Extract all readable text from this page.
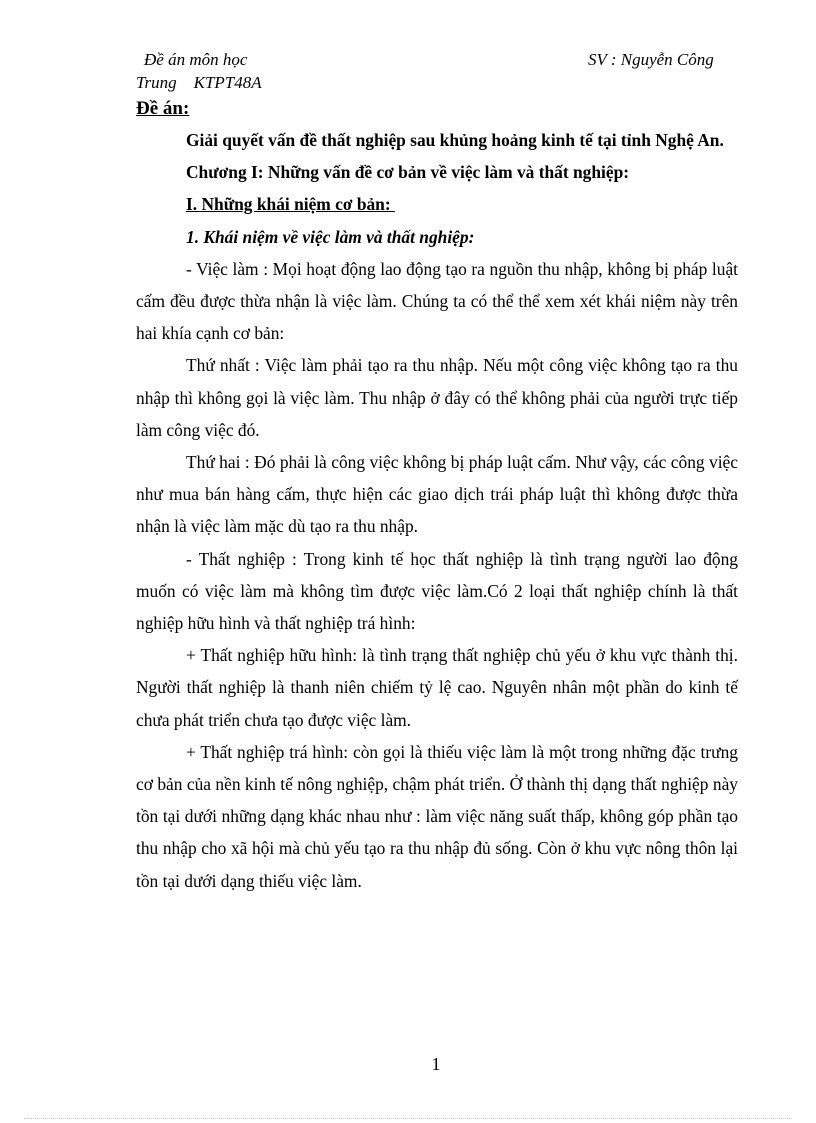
Đề án môn học
Trung    KTPT48A
SV : Nguyễn Công

Đề án:

Giải quyết vấn đề thất nghiệp sau khủng hoảng kinh tế tại tỉnh Nghệ An.

Chương I: Những vấn đề cơ bản về việc làm và thất nghiệp:

I. Những khái niệm cơ bản:

1. Khái niệm về việc làm và thất nghiệp:

- Việc làm : Mọi hoạt động lao động tạo ra nguồn thu nhập, không bị pháp luật cấm đều được thừa nhận là việc làm. Chúng ta có thể thể xem xét khái niệm này trên hai khía cạnh cơ bản:

Thứ nhất : Việc làm phải tạo ra thu nhập. Nếu một công việc không tạo ra thu nhập thì không gọi là việc làm. Thu nhập ở đây có thể không phải của người trực tiếp làm công việc đó.

Thứ hai : Đó phải là công việc không bị pháp luật cấm. Như vậy, các công việc như mua bán hàng cấm, thực hiện các giao dịch trái pháp luật thì không được thừa nhận là việc làm mặc dù tạo ra thu nhập.

- Thất nghiệp : Trong kinh tế học thất nghiệp là tình trạng người lao động muốn có việc làm mà không tìm được việc làm.Có 2 loại thất nghiệp chính là thất nghiệp hữu hình và thất nghiệp trá hình:

+ Thất nghiệp hữu hình: là tình trạng thất nghiệp chủ yếu ở khu vực thành thị. Người thất nghiệp là thanh niên chiếm tỷ lệ cao. Nguyên nhân một phần do kinh tế chưa phát triển chưa tạo được việc làm.

+ Thất nghiệp trá hình: còn gọi là thiếu việc làm là một trong những đặc trưng cơ bản của nền kinh tế nông nghiệp, chậm phát triển. Ở thành thị dạng thất nghiệp này tồn tại dưới những dạng khác nhau như : làm việc năng suất thấp, không góp phần tạo thu nhập cho xã hội mà chủ yếu tạo ra thu nhập đủ sống. Còn ở khu vực nông thôn lại tồn tại dưới dạng thiếu việc làm.

1
